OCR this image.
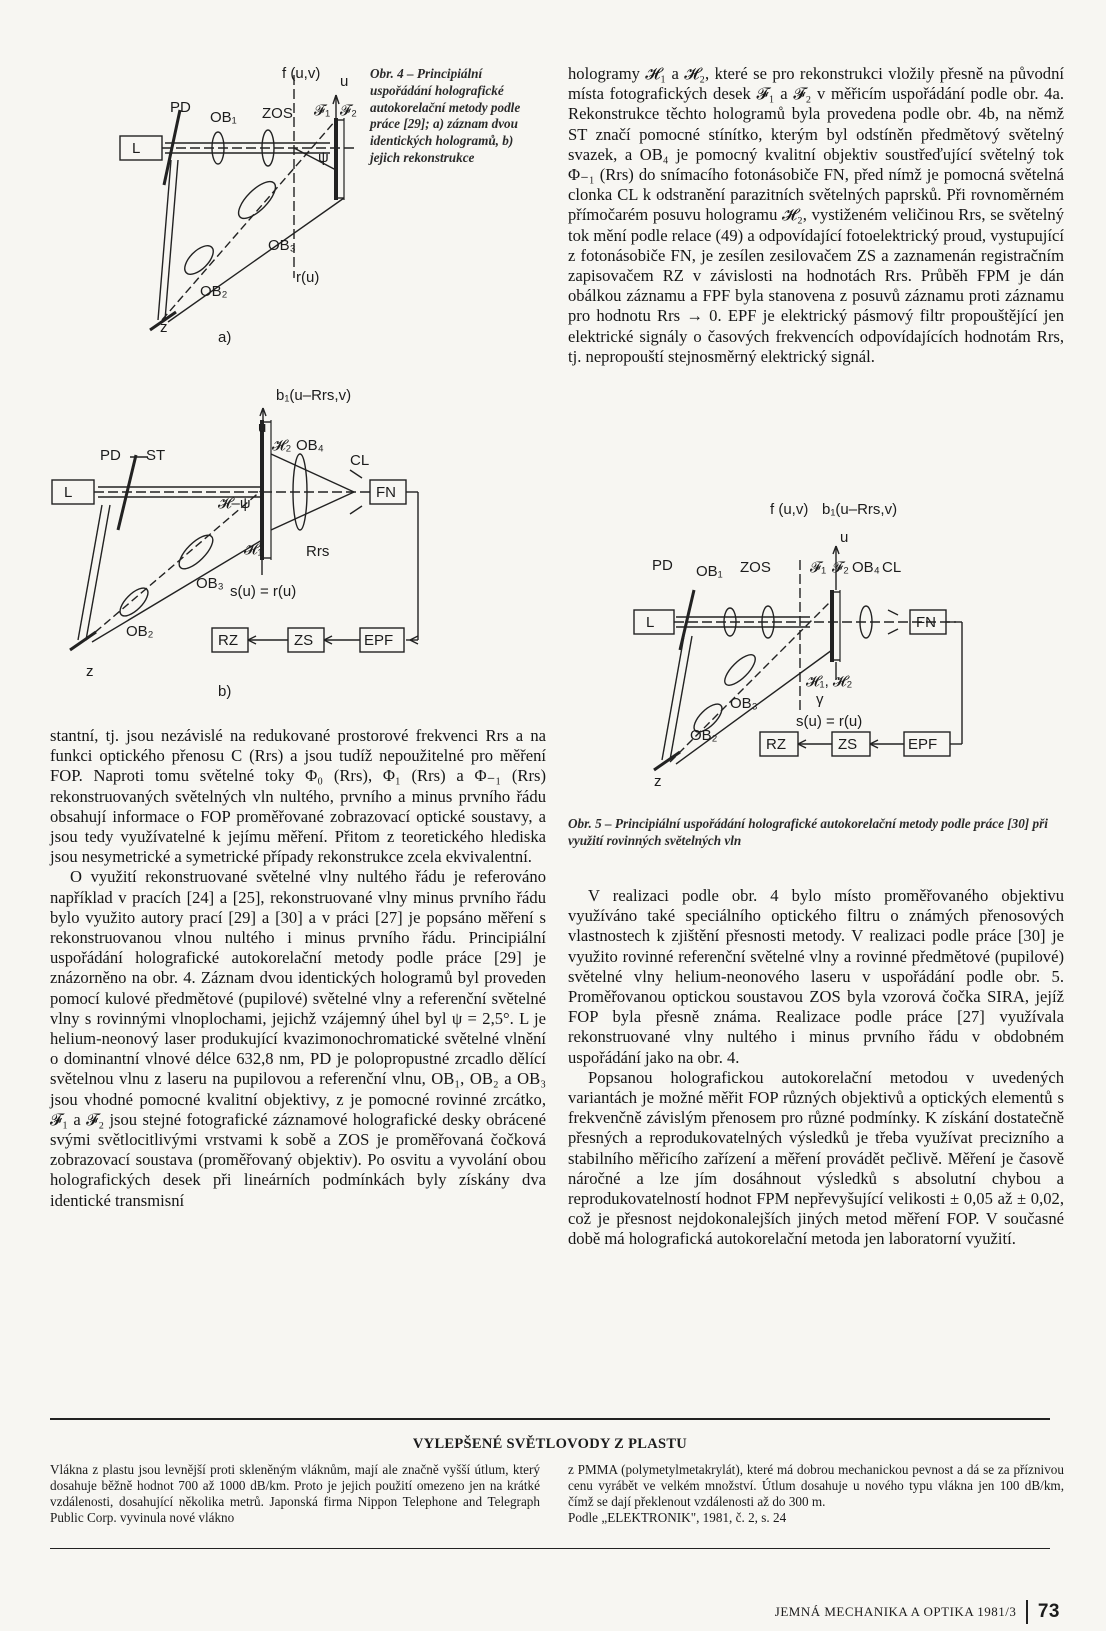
L
PD
OB₁ ZOS
f (u,v) u
𝓕₁ 𝓕₂
ψ
OB₃
OB₂
r(u)
z
a)
L
PD ST
b₁(u–Rrs,v)
u
𝓗₂ OB₄
CL
FN
𝓗–ψ
𝓗₁	Rrs
OB₃ s(u) = r(u)
OB₂
RZ	ZS	EPF
z
b)
Obr. 4 – Principiální uspořádání holografické autokorelační metody podle práce [29]; a) záznam dvou identických hologramů, b) jejich rekonstrukce

hologramy 𝓗₁ a 𝓗₂, které se pro rekonstrukci vložily přesně na původní místa fotografických desek 𝓕₁ a 𝓕₂ v měřicím uspořádání podle obr. 4a. Rekonstrukce těchto hologramů byla provedena podle obr. 4b, na němž ST značí pomocné stínítko, kterým byl odstíněn předmětový světelný svazek, a OB₄ je pomocný kvalitní objektiv soustřeďující světelný tok Φ₋₁ (Rrs) do snímacího fotonásobiče FN, před nímž je pomocná světelná clonka CL k odstranění parazitních světelných paprsků. Při rovnoměrném přímočarém posuvu hologramu 𝓗₂, vystiženém veličinou Rrs, se světelný tok mění podle relace (49) a odpovídající fotoelektrický proud, vystupující z fotonásobiče FN, je zesílen zesilovačem ZS a zaznamenán registračním zapisovačem RZ v závislosti na hodnotách Rrs. Průběh FPM je dán obálkou záznamu a FPF byla stanovena z posuvů záznamu proti záznamu pro hodnotu Rrs → 0. EPF je elektrický pásmový filtr propouštějící jen elektrické signály o časových frekvencích odpovídajících hodnotám Rrs, tj. nepropouští stejnosměrný elektrický signál.

L
f (u,v) b₁(u–Rrs,v)
u
PD OB₁ ZOS	𝓕₁ 𝓕₂ OB₄ CL
FN
𝓗₁, 𝓗₂
γ
OB₃
s(u) = r(u)
OB₂
RZ	ZS	EPF
z
Obr. 5 – Principiální uspořádání holografické autokorelační metody podle práce [30] při využití rovinných světelných vln

stantní, tj. jsou nezávislé na redukované prostorové frekvenci Rrs a na funkci optického přenosu C (Rrs) a jsou tudíž nepoužitelné pro měření FOP. Naproti tomu světelné toky Φ₀ (Rrs), Φ₁ (Rrs) a Φ₋₁ (Rrs) rekonstruovaných světelných vln nultého, prvního a minus prvního řádu obsahují informace o FOP proměřované zobrazovací optické soustavy, a jsou tedy využívatelné k jejímu měření. Přitom z teoretického hlediska jsou nesymetrické a symetrické případy rekonstrukce zcela ekvivalentní.

O využití rekonstruované světelné vlny nultého řádu je referováno například v pracích [24] a [25], rekonstruované vlny minus prvního řádu bylo využito autory prací [29] a [30] a v práci [27] je popsáno měření s rekonstruovanou vlnou nultého i minus prvního řádu. Principiální uspořádání holografické autokorelační metody podle práce [29] je znázorněno na obr. 4. Záznam dvou identických hologramů byl proveden pomocí kulové předmětové (pupilové) světelné vlny a referenční světelné vlny s rovinnými vlnoplochami, jejichž vzájemný úhel byl ψ = 2,5°. L je helium-neonový laser produkující kvazimonochromatické světelné vlnění o dominantní vlnové délce 632,8 nm, PD je polopropustné zrcadlo dělící světelnou vlnu z laseru na pupilovou a referenční vlnu, OB₁, OB₂ a OB₃ jsou vhodné pomocné kvalitní objektivy, z je pomocné rovinné zrcátko, 𝓕₁ a 𝓕₂ jsou stejné fotografické záznamové holografické desky obrácené svými světlocitlivými vrstvami k sobě a ZOS je proměřovaná čočková zobrazovací soustava (proměřovaný objektiv). Po osvitu a vyvolání obou holografických desek při lineárních podmínkách byly získány dva identické transmisní

V realizaci podle obr. 4 bylo místo proměřovaného objektivu využíváno také speciálního optického filtru o známých přenosových vlastnostech k zjištění přesnosti metody. V realizaci podle práce [30] je využito rovinné referenční světelné vlny a rovinné předmětové (pupilové) světelné vlny helium-neonového laseru v uspořádání podle obr. 5. Proměřovanou optickou soustavou ZOS byla vzorová čočka SIRA, jejíž FOP byla přesně známa. Realizace podle práce [27] využívala rekonstruované vlny nultého i minus prvního řádu v obdobném uspořádání jako na obr. 4.

Popsanou holografickou autokorelační metodou v uvedených variantách je možné měřit FOP různých objektivů a optických elementů s frekvenčně závislým přenosem pro různé podmínky. K získání dostatečně přesných a reprodukovatelných výsledků je třeba využívat precizního a stabilního měřicího zařízení a měření provádět pečlivě. Měření je časově náročné a lze jím dosáhnout výsledků s absolutní chybou a reprodukovatelností hodnot FPM nepřevyšující velikosti ± 0,05 až ± 0,02, což je přesnost nejdokonalejších jiných metod měření FOP. V současné době má holografická autokorelační metoda jen laboratorní využití.

VYLEPŠENÉ SVĚTLOVODY Z PLASTU

Vlákna z plastu jsou levnější proti skleněným vláknům, mají ale značně vyšší útlum, který dosahuje běžně hodnot 700 až 1000 dB/km. Proto je jejich použití omezeno jen na krátké vzdálenosti, dosahující několika metrů. Japonská firma Nippon Telephone and Telegraph Public Corp. vyvinula nové vlákno

z PMMA (polymetylmetakrylát), které má dobrou mechanickou pevnost a dá se za příznivou cenu vyrábět ve velkém množství. Útlum dosahuje u nového typu vlákna jen 100 dB/km, čímž se dají překlenout vzdálenosti až do 300 m.

Podle „ELEKTRONIK", 1981, č. 2, s. 24

JEMNÁ MECHANIKA A OPTIKA 1981/3 73
